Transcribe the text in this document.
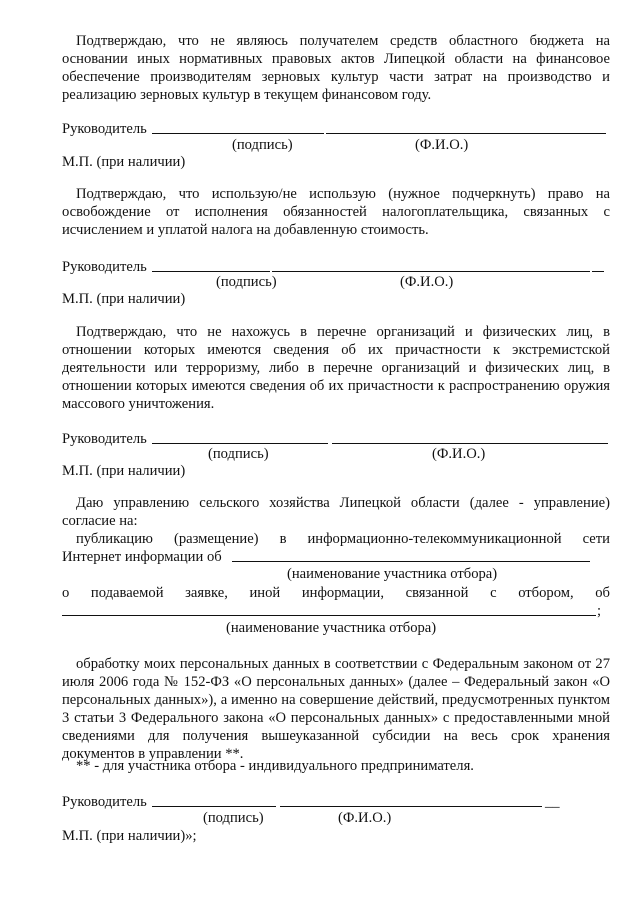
Подтверждаю, что не являюсь получателем средств областного бюджета на основании иных нормативных правовых актов Липецкой области на финансовое обеспечение производителям зерновых культур части затрат на производство и реализацию зерновых культур в текущем финансовом году.
Руководитель
(подпись)	(Ф.И.О.)
М.П. (при наличии)
Подтверждаю, что использую/не использую (нужное подчеркнуть) право на освобождение от исполнения обязанностей налогоплательщика, связанных с исчислением и уплатой налога на добавленную стоимость.
Руководитель
(подпись)	(Ф.И.О.)
М.П. (при наличии)
Подтверждаю, что не нахожусь в перечне организаций и физических лиц, в отношении которых имеются сведения об их причастности к экстремистской деятельности или терроризму, либо в перечне организаций и физических лиц, в отношении которых имеются сведения об их причастности к распространению оружия массового уничтожения.
Руководитель
(подпись)	(Ф.И.О.)
М.П. (при наличии)
Даю управлению сельского хозяйства Липецкой области (далее - управление) согласие на:
публикацию (размещение) в информационно-телекоммуникационной сети
Интернет информации об
(наименование участника отбора)
о подаваемой заявке, иной информации, связанной с отбором, об
;
(наименование участника отбора)
обработку моих персональных данных в соответствии с Федеральным законом от 27 июля 2006 года № 152-ФЗ «О персональных данных» (далее – Федеральный закон «О персональных данных»), а именно на совершение действий, предусмотренных пунктом 3 статьи 3 Федерального закона «О персональных данных» с предоставленными мной сведениями для получения вышеуказанной субсидии на весь срок хранения документов в управлении **.
** - для участника отбора - индивидуального предпринимателя.
Руководитель	__
(подпись)	(Ф.И.О.)
М.П. (при наличии)»;
